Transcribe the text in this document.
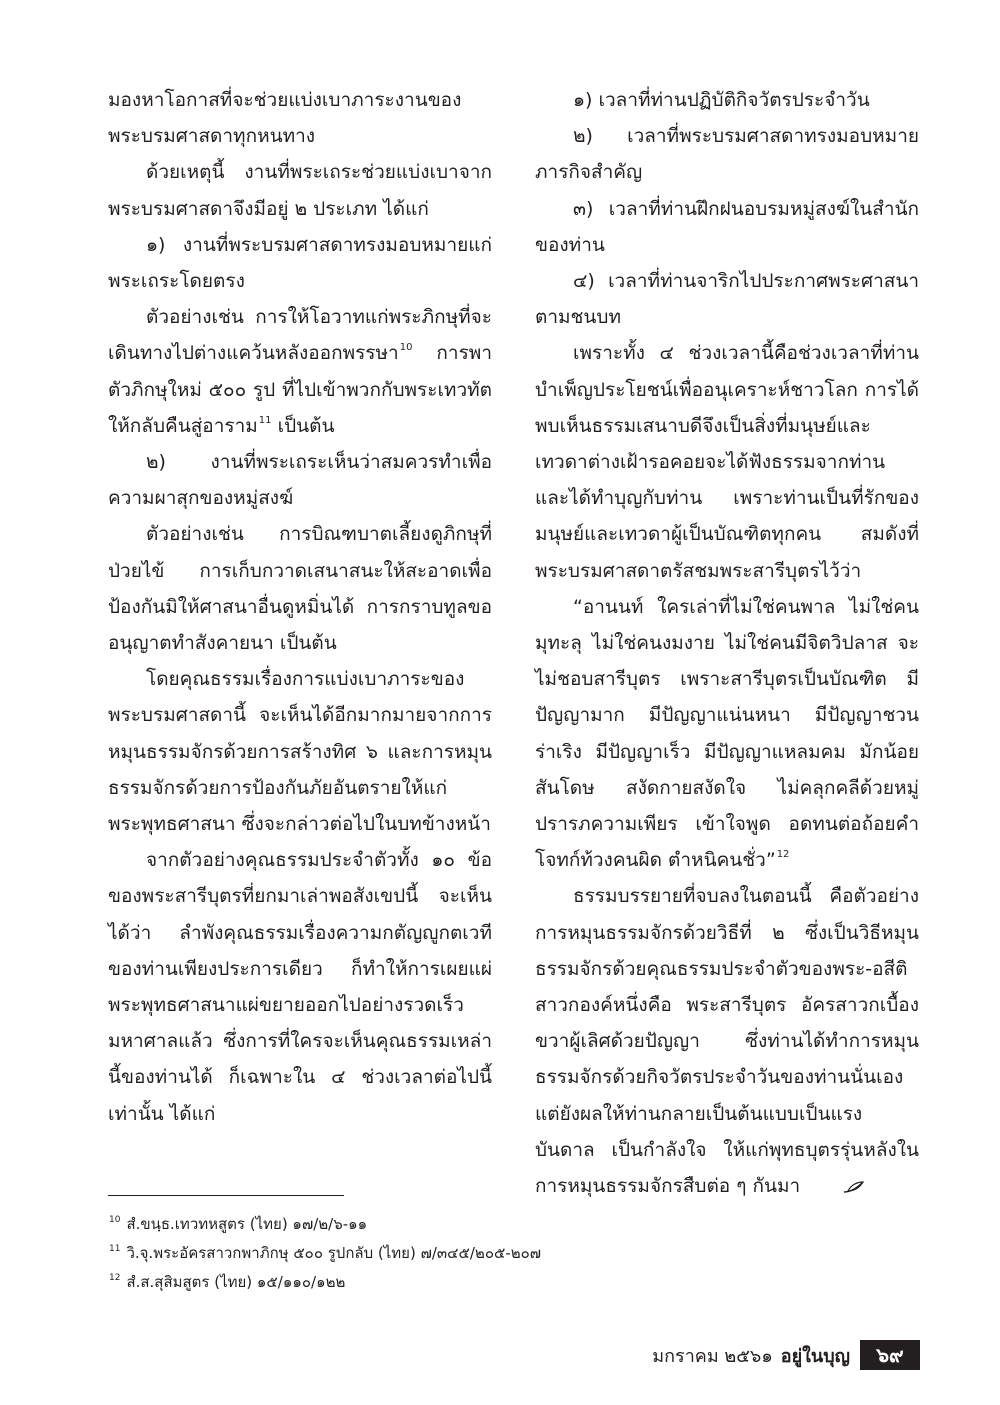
มองหาโอกาสที่จะช่วยแบ่งเบาภาระงานของพระบรมศาสดาทุกหนทาง

ด้วยเหตุนี้ งานที่พระเถระช่วยแบ่งเบาจากพระบรมศาสดาจึงมีอยู่ ๒ ประเภท ได้แก่

๑) งานที่พระบรมศาสดาทรงมอบหมายแก่พระเถระโดยตรง

ตัวอย่างเช่น การให้โอวาทแก่พระภิกษุที่จะเดินทางไปต่างแคว้นหลังออกพรรษา$^{10}$ การพาตัวภิกษุใหม่ ๕๐๐ รูป ที่ไปเข้าพวกกับพระเทวทัตให้กลับคืนสู่อาราม$^{11}$ เป็นต้น

๒) งานที่พระเถระเห็นว่าสมควรทำเพื่อความผาสุกของหมู่สงฆ์

ตัวอย่างเช่น การบิณฑบาตเลี้ยงดูภิกษุที่ป่วยไข้ การเก็บกวาดเสนาสนะให้สะอาดเพื่อป้องกันมิให้ศาสนาอื่นดูหมิ่นได้ การกราบทูลขออนุญาตทำสังคายนา เป็นต้น

โดยคุณธรรมเรื่องการแบ่งเบาภาระของพระบรมศาสดานี้ จะเห็นได้อีกมากมายจากการหมุนธรรมจักรด้วยการสร้างทิศ ๖ และการหมุนธรรมจักรด้วยการป้องกันภัยอันตรายให้แก่พระพุทธศาสนา ซึ่งจะกล่าวต่อไปในบทข้างหน้า

จากตัวอย่างคุณธรรมประจำตัวทั้ง ๑๐ ข้อของพระสารีบุตรที่ยกมาเล่าพอสังเขปนี้ จะเห็นได้ว่า ลำพังคุณธรรมเรื่องความกตัญญูกตเวทีของท่านเพียงประการเดียว ก็ทำให้การเผยแผ่พระพุทธศาสนาแผ่ขยายออกไปอย่างรวดเร็วมหาศาลแล้ว ซึ่งการที่ใครจะเห็นคุณธรรมเหล่านี้ของท่านได้ ก็เฉพาะใน ๔ ช่วงเวลาต่อไปนี้เท่านั้น ได้แก่

๑) เวลาที่ท่านปฏิบัติกิจวัตรประจำวัน

๒) เวลาที่พระบรมศาสดาทรงมอบหมายภารกิจสำคัญ

๓) เวลาที่ท่านฝึกฝนอบรมหมู่สงฆ์ในสำนักของท่าน

๔) เวลาที่ท่านจาริกไปประกาศพระศาสนาตามชนบท

เพราะทั้ง ๔ ช่วงเวลานี้คือช่วงเวลาที่ท่านบำเพ็ญประโยชน์เพื่ออนุเคราะห์ชาวโลก การได้พบเห็นธรรมเสนาบดีจึงเป็นสิ่งที่มนุษย์และเทวดาต่างเฝ้ารอคอยจะได้ฟังธรรมจากท่าน และได้ทำบุญกับท่าน เพราะท่านเป็นที่รักของมนุษย์และเทวดาผู้เป็นบัณฑิตทุกคน สมดังที่พระบรมศาสดาตรัสชมพระสารีบุตรไว้ว่า

“อานนท์ ใครเล่าที่ไม่ใช่คนพาล ไม่ใช่คนมุทะลุ ไม่ใช่คนงมงาย ไม่ใช่คนมีจิตวิปลาส จะไม่ชอบสารีบุตร เพราะสารีบุตรเป็นบัณฑิต มีปัญญามาก มีปัญญาแน่นหนา มีปัญญาชวนร่าเริง มีปัญญาเร็ว มีปัญญาแหลมคม มักน้อย สันโดษ สงัดกายสงัดใจ ไม่คลุกคลีด้วยหมู่ ปรารภความเพียร เข้าใจพูด อดทนต่อถ้อยคำ โจทก์ท้วงคนผิด ตำหนิคนชั่ว”$^{12}$

ธรรมบรรยายที่จบลงในตอนนี้ คือตัวอย่างการหมุนธรรมจักรด้วยวิธีที่ ๒ ซึ่งเป็นวิธีหมุนธรรมจักรด้วยคุณธรรมประจำตัวของพระ-อสีติสาวกองค์หนึ่งคือ พระสารีบุตร อัครสาวกเบื้องขวาผู้เลิศด้วยปัญญา ซึ่งท่านได้ทำการหมุนธรรมจักรด้วยกิจวัตรประจำวันของท่านนั่นเอง แต่ยังผลให้ท่านกลายเป็นต้นแบบเป็นแรงบันดาล เป็นกำลังใจ ให้แก่พุทธบุตรรุ่นหลังในการหมุนธรรมจักรสืบต่อ ๆ กันมา

$^{10}$ สํ.ขนฺธ.เทวทหสูตร (ไทย) ๑๗/๒/๖-๑๑
$^{11}$ วิ.จุ.พระอัครสาวกพาภิกษุ ๕๐๐ รูปกลับ (ไทย) ๗/๓๔๕/๒๐๕-๒๐๗
$^{12}$ สํ.ส.สุสิมสูตร (ไทย) ๑๕/๑๑๐/๑๒๒
มกราคม ๒๕๖๑ อยู่ในบุญ	๖๙
